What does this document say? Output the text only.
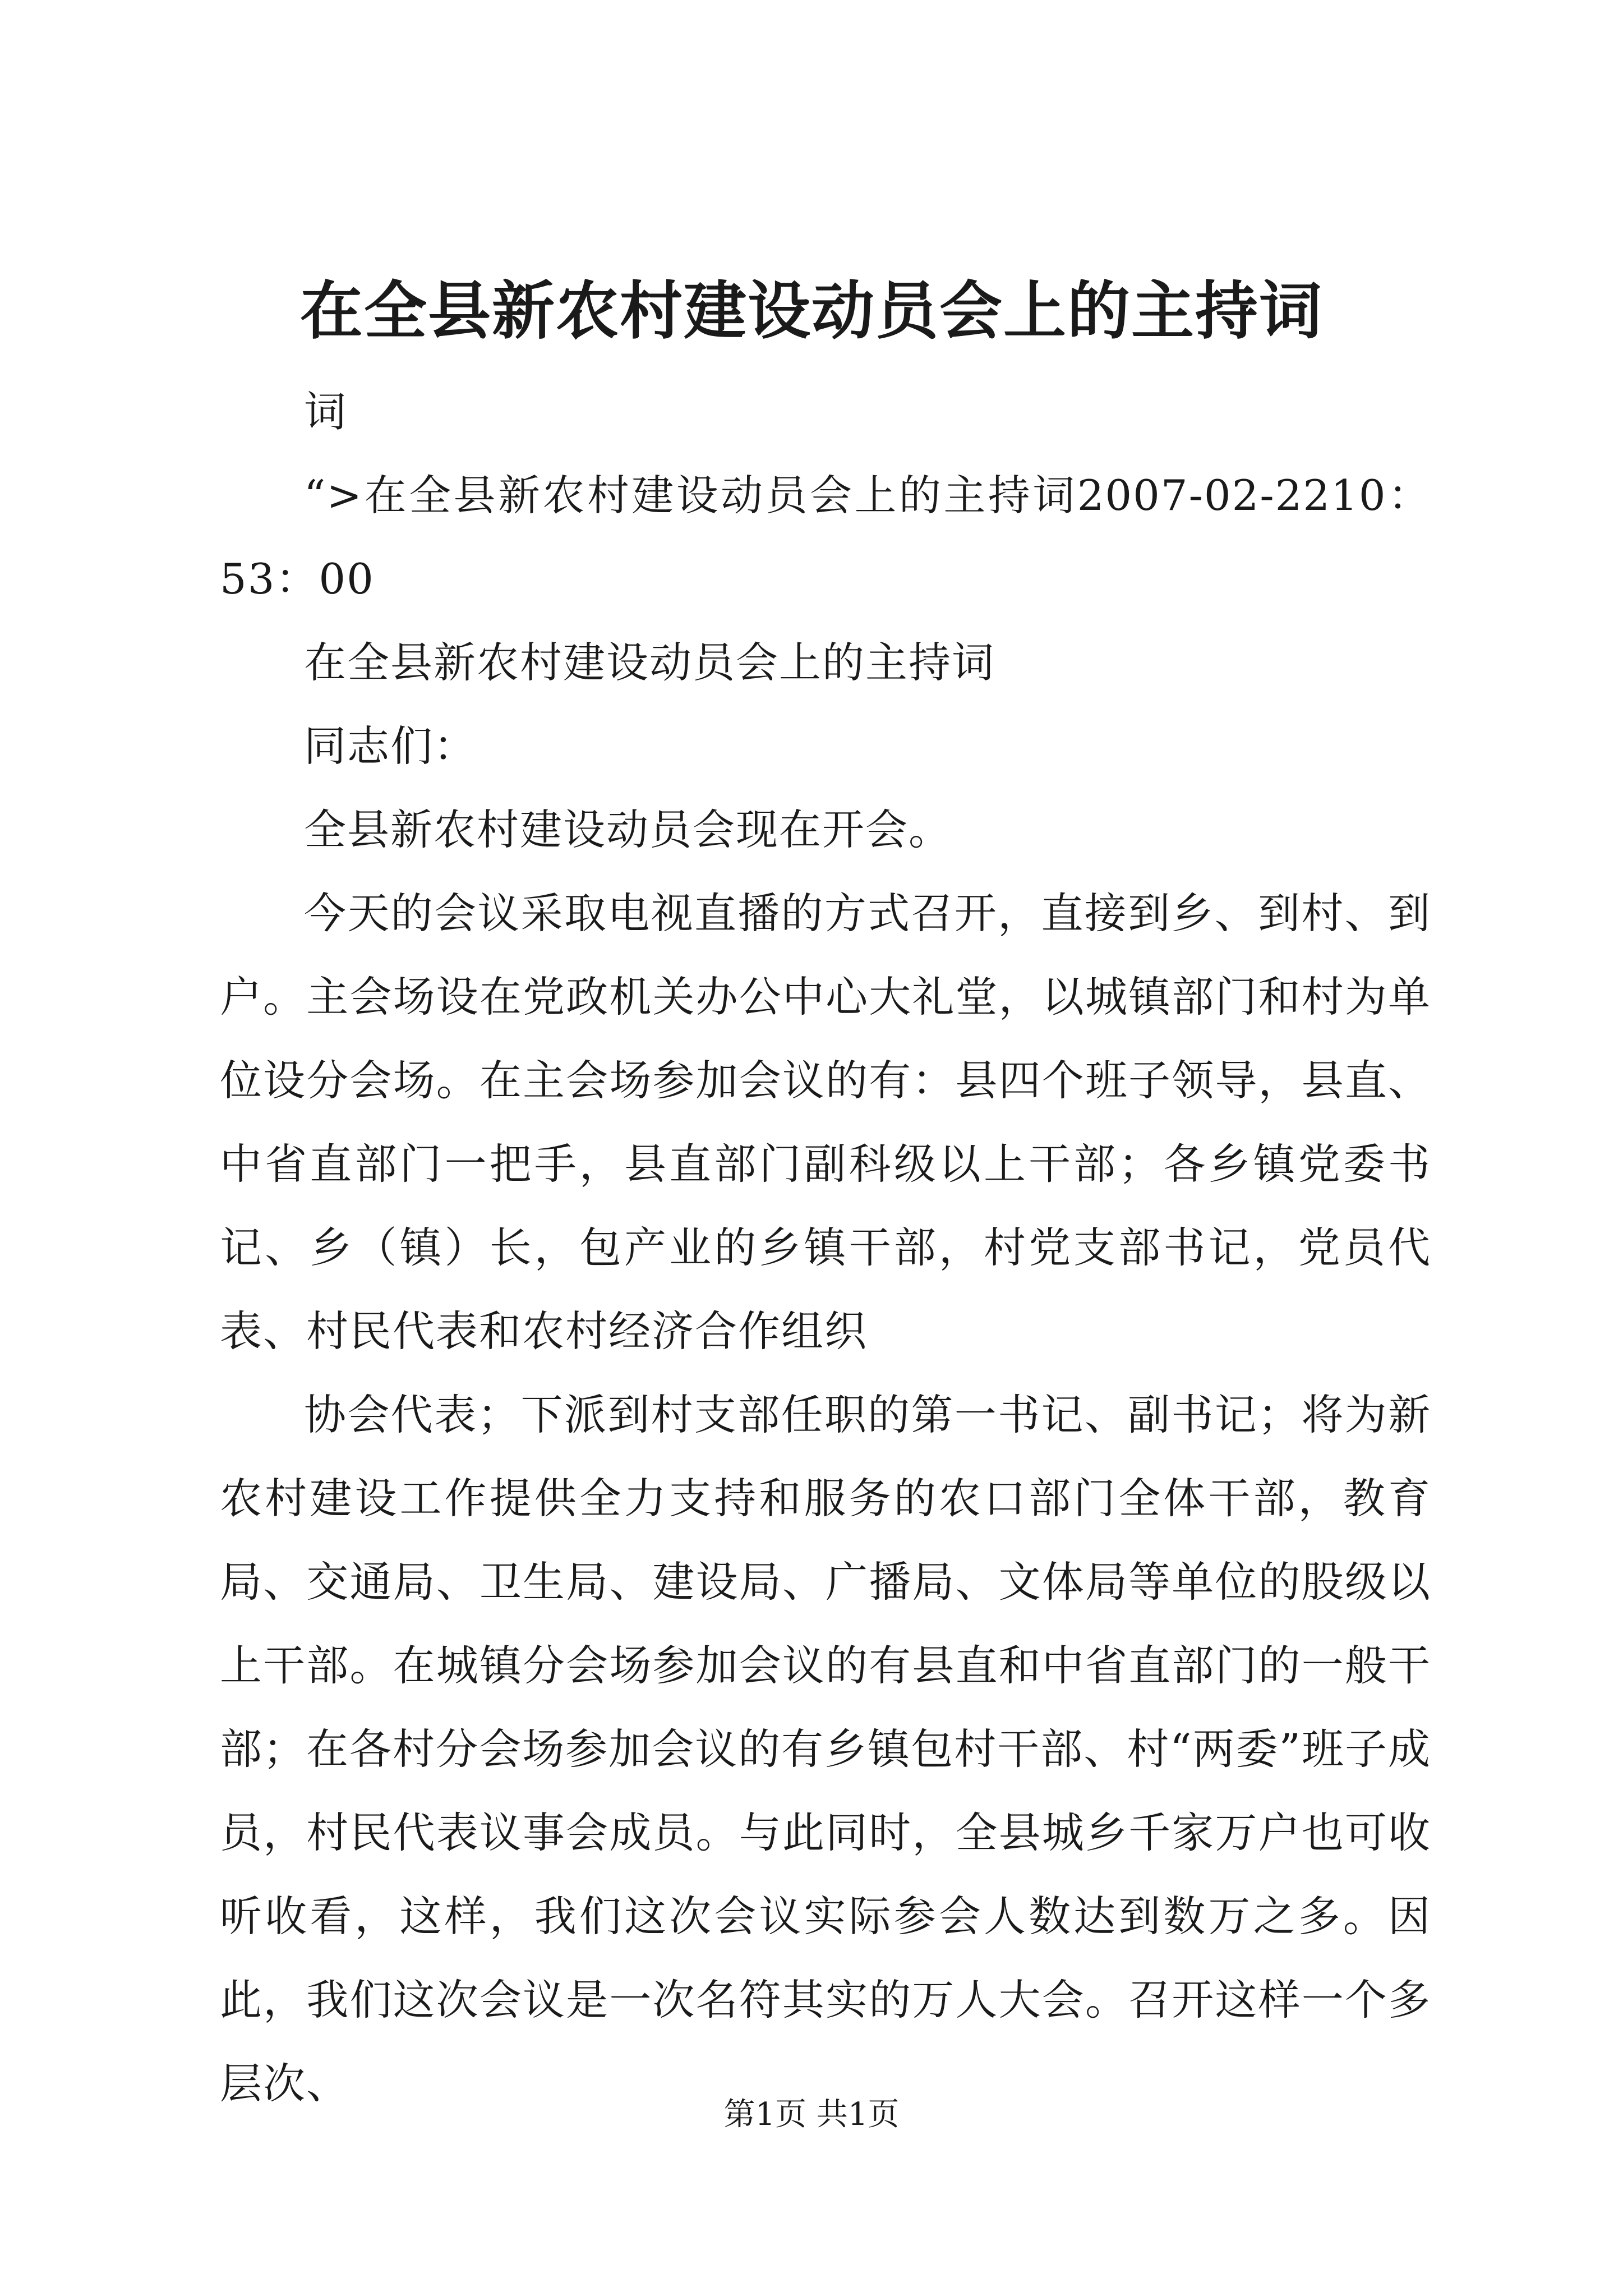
在全县新农村建设动员会上的主持词

词

“>在全县新农村建设动员会上的主持词2007-02-2210：53：00

在全县新农村建设动员会上的主持词

同志们：

全县新农村建设动员会现在开会。

今天的会议采取电视直播的方式召开，直接到乡、到村、到户。主会场设在党政机关办公中心大礼堂，以城镇部门和村为单位设分会场。在主会场参加会议的有：县四个班子领导，县直、中省直部门一把手，县直部门副科级以上干部；各乡镇党委书记、乡（镇）长，包产业的乡镇干部，村党支部书记，党员代表、村民代表和农村经济合作组织

协会代表；下派到村支部任职的第一书记、副书记；将为新农村建设工作提供全力支持和服务的农口部门全体干部，教育局、交通局、卫生局、建设局、广播局、文体局等单位的股级以上干部。在城镇分会场参加会议的有县直和中省直部门的一般干部；在各村分会场参加会议的有乡镇包村干部、村“两委”班子成员，村民代表议事会成员。与此同时，全县城乡千家万户也可收听收看，这样，我们这次会议实际参会人数达到数万之多。因此，我们这次会议是一次名符其实的万人大会。召开这样一个多层次、

第1页 共1页
